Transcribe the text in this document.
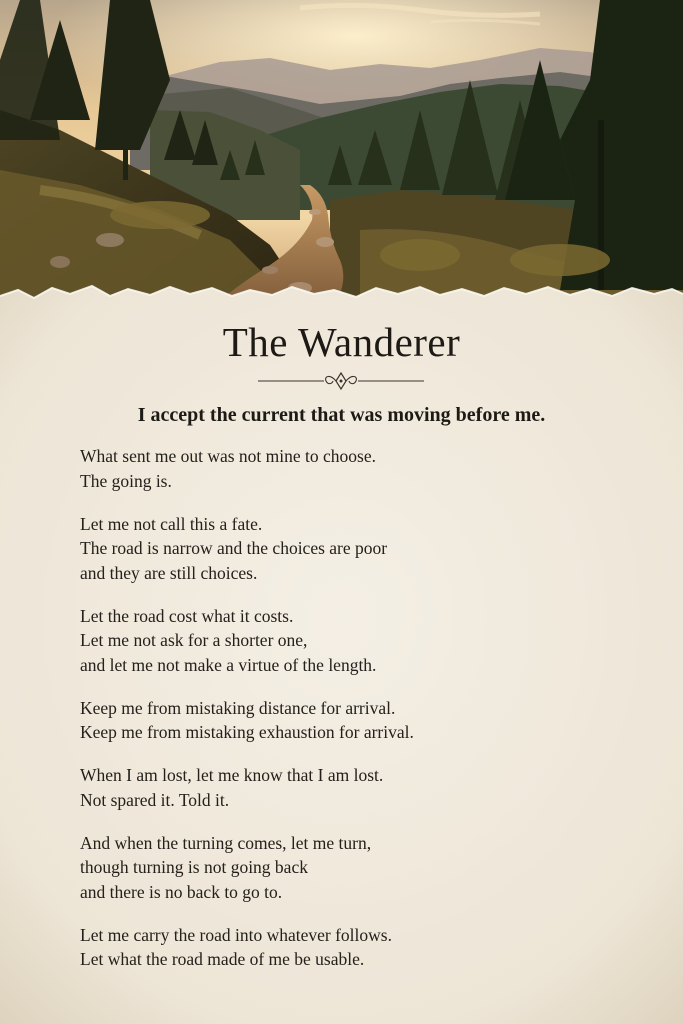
The Wanderer
I accept the current that was moving before me.
What sent me out was not mine to choose.
The going is.
Let me not call this a fate.
The road is narrow and the choices are poor
and they are still choices.
Let the road cost what it costs.
Let me not ask for a shorter one,
and let me not make a virtue of the length.
Keep me from mistaking distance for arrival.
Keep me from mistaking exhaustion for arrival.
When I am lost, let me know that I am lost.
Not spared it. Told it.
And when the turning comes, let me turn,
though turning is not going back
and there is no back to go to.
Let me carry the road into whatever follows.
Let what the road made of me be usable.
